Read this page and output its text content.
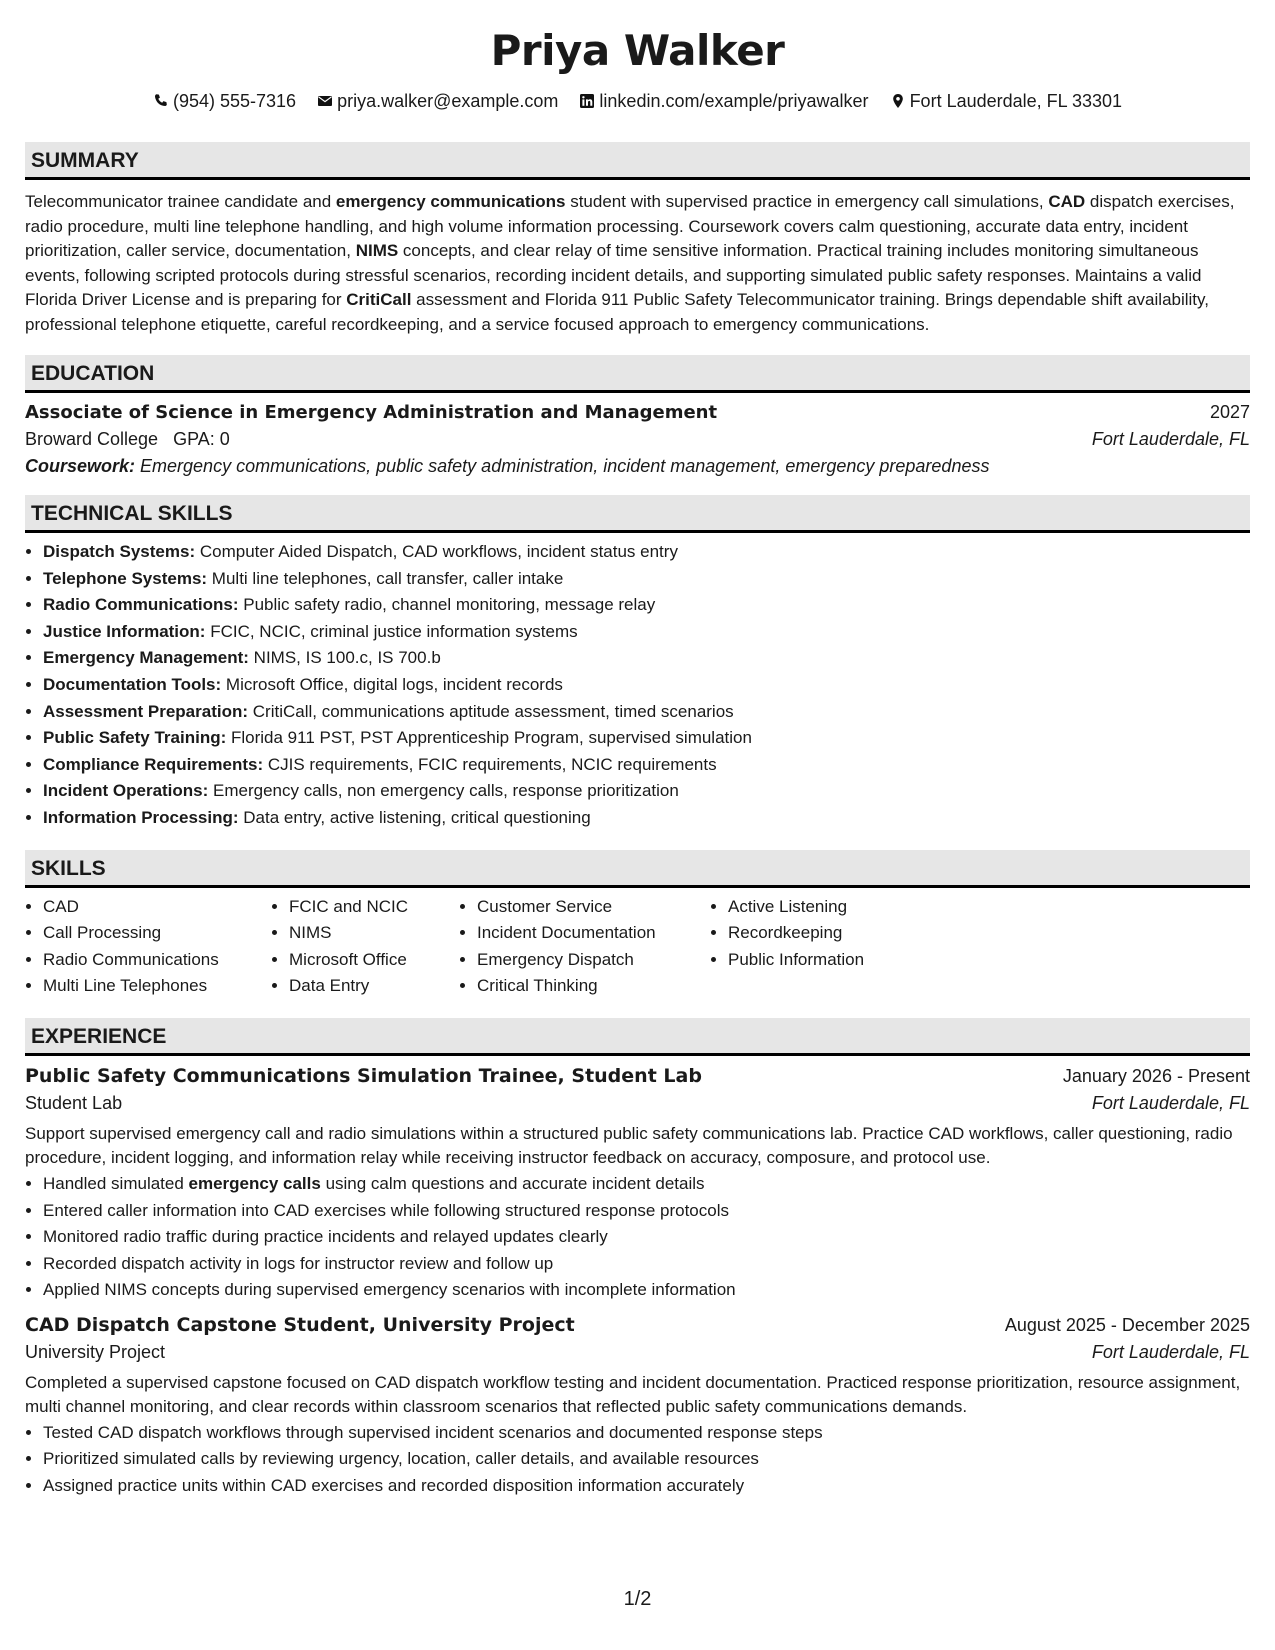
Priya Walker
(954) 555-7316 priya.walker@example.com linkedin.com/example/priyawalker Fort Lauderdale, FL 33301
SUMMARY
Telecommunicator trainee candidate and emergency communications student with supervised practice in emergency call simulations, CAD dispatch exercises, radio procedure, multi line telephone handling, and high volume information processing. Coursework covers calm questioning, accurate data entry, incident prioritization, caller service, documentation, NIMS concepts, and clear relay of time sensitive information. Practical training includes monitoring simultaneous events, following scripted protocols during stressful scenarios, recording incident details, and supporting simulated public safety responses. Maintains a valid Florida Driver License and is preparing for CritiCall assessment and Florida 911 Public Safety Telecommunicator training. Brings dependable shift availability, professional telephone etiquette, careful recordkeeping, and a service focused approach to emergency communications.
EDUCATION
Associate of Science in Emergency Administration and Management	2027
Broward College GPA: 0	Fort Lauderdale, FL
Coursework: Emergency communications, public safety administration, incident management, emergency preparedness
TECHNICAL SKILLS
• Dispatch Systems: Computer Aided Dispatch, CAD workflows, incident status entry
• Telephone Systems: Multi line telephones, call transfer, caller intake
• Radio Communications: Public safety radio, channel monitoring, message relay
• Justice Information: FCIC, NCIC, criminal justice information systems
• Emergency Management: NIMS, IS 100.c, IS 700.b
• Documentation Tools: Microsoft Office, digital logs, incident records
• Assessment Preparation: CritiCall, communications aptitude assessment, timed scenarios
• Public Safety Training: Florida 911 PST, PST Apprenticeship Program, supervised simulation
• Compliance Requirements: CJIS requirements, FCIC requirements, NCIC requirements
• Incident Operations: Emergency calls, non emergency calls, response prioritization
• Information Processing: Data entry, active listening, critical questioning
SKILLS
• CAD
• Call Processing
• Radio Communications
• Multi Line Telephones
• FCIC and NCIC
• NIMS
• Microsoft Office
• Data Entry
• Customer Service
• Incident Documentation
• Emergency Dispatch
• Critical Thinking
• Active Listening
• Recordkeeping
• Public Information
EXPERIENCE
Public Safety Communications Simulation Trainee, Student Lab	January 2026 - Present
Student Lab	Fort Lauderdale, FL
Support supervised emergency call and radio simulations within a structured public safety communications lab. Practice CAD workflows, caller questioning, radio procedure, incident logging, and information relay while receiving instructor feedback on accuracy, composure, and protocol use.
• Handled simulated emergency calls using calm questions and accurate incident details
• Entered caller information into CAD exercises while following structured response protocols
• Monitored radio traffic during practice incidents and relayed updates clearly
• Recorded dispatch activity in logs for instructor review and follow up
• Applied NIMS concepts during supervised emergency scenarios with incomplete information
CAD Dispatch Capstone Student, University Project	August 2025 - December 2025
University Project	Fort Lauderdale, FL
Completed a supervised capstone focused on CAD dispatch workflow testing and incident documentation. Practiced response prioritization, resource assignment, multi channel monitoring, and clear records within classroom scenarios that reflected public safety communications demands.
• Tested CAD dispatch workflows through supervised incident scenarios and documented response steps
• Prioritized simulated calls by reviewing urgency, location, caller details, and available resources
• Assigned practice units within CAD exercises and recorded disposition information accurately
1/2
